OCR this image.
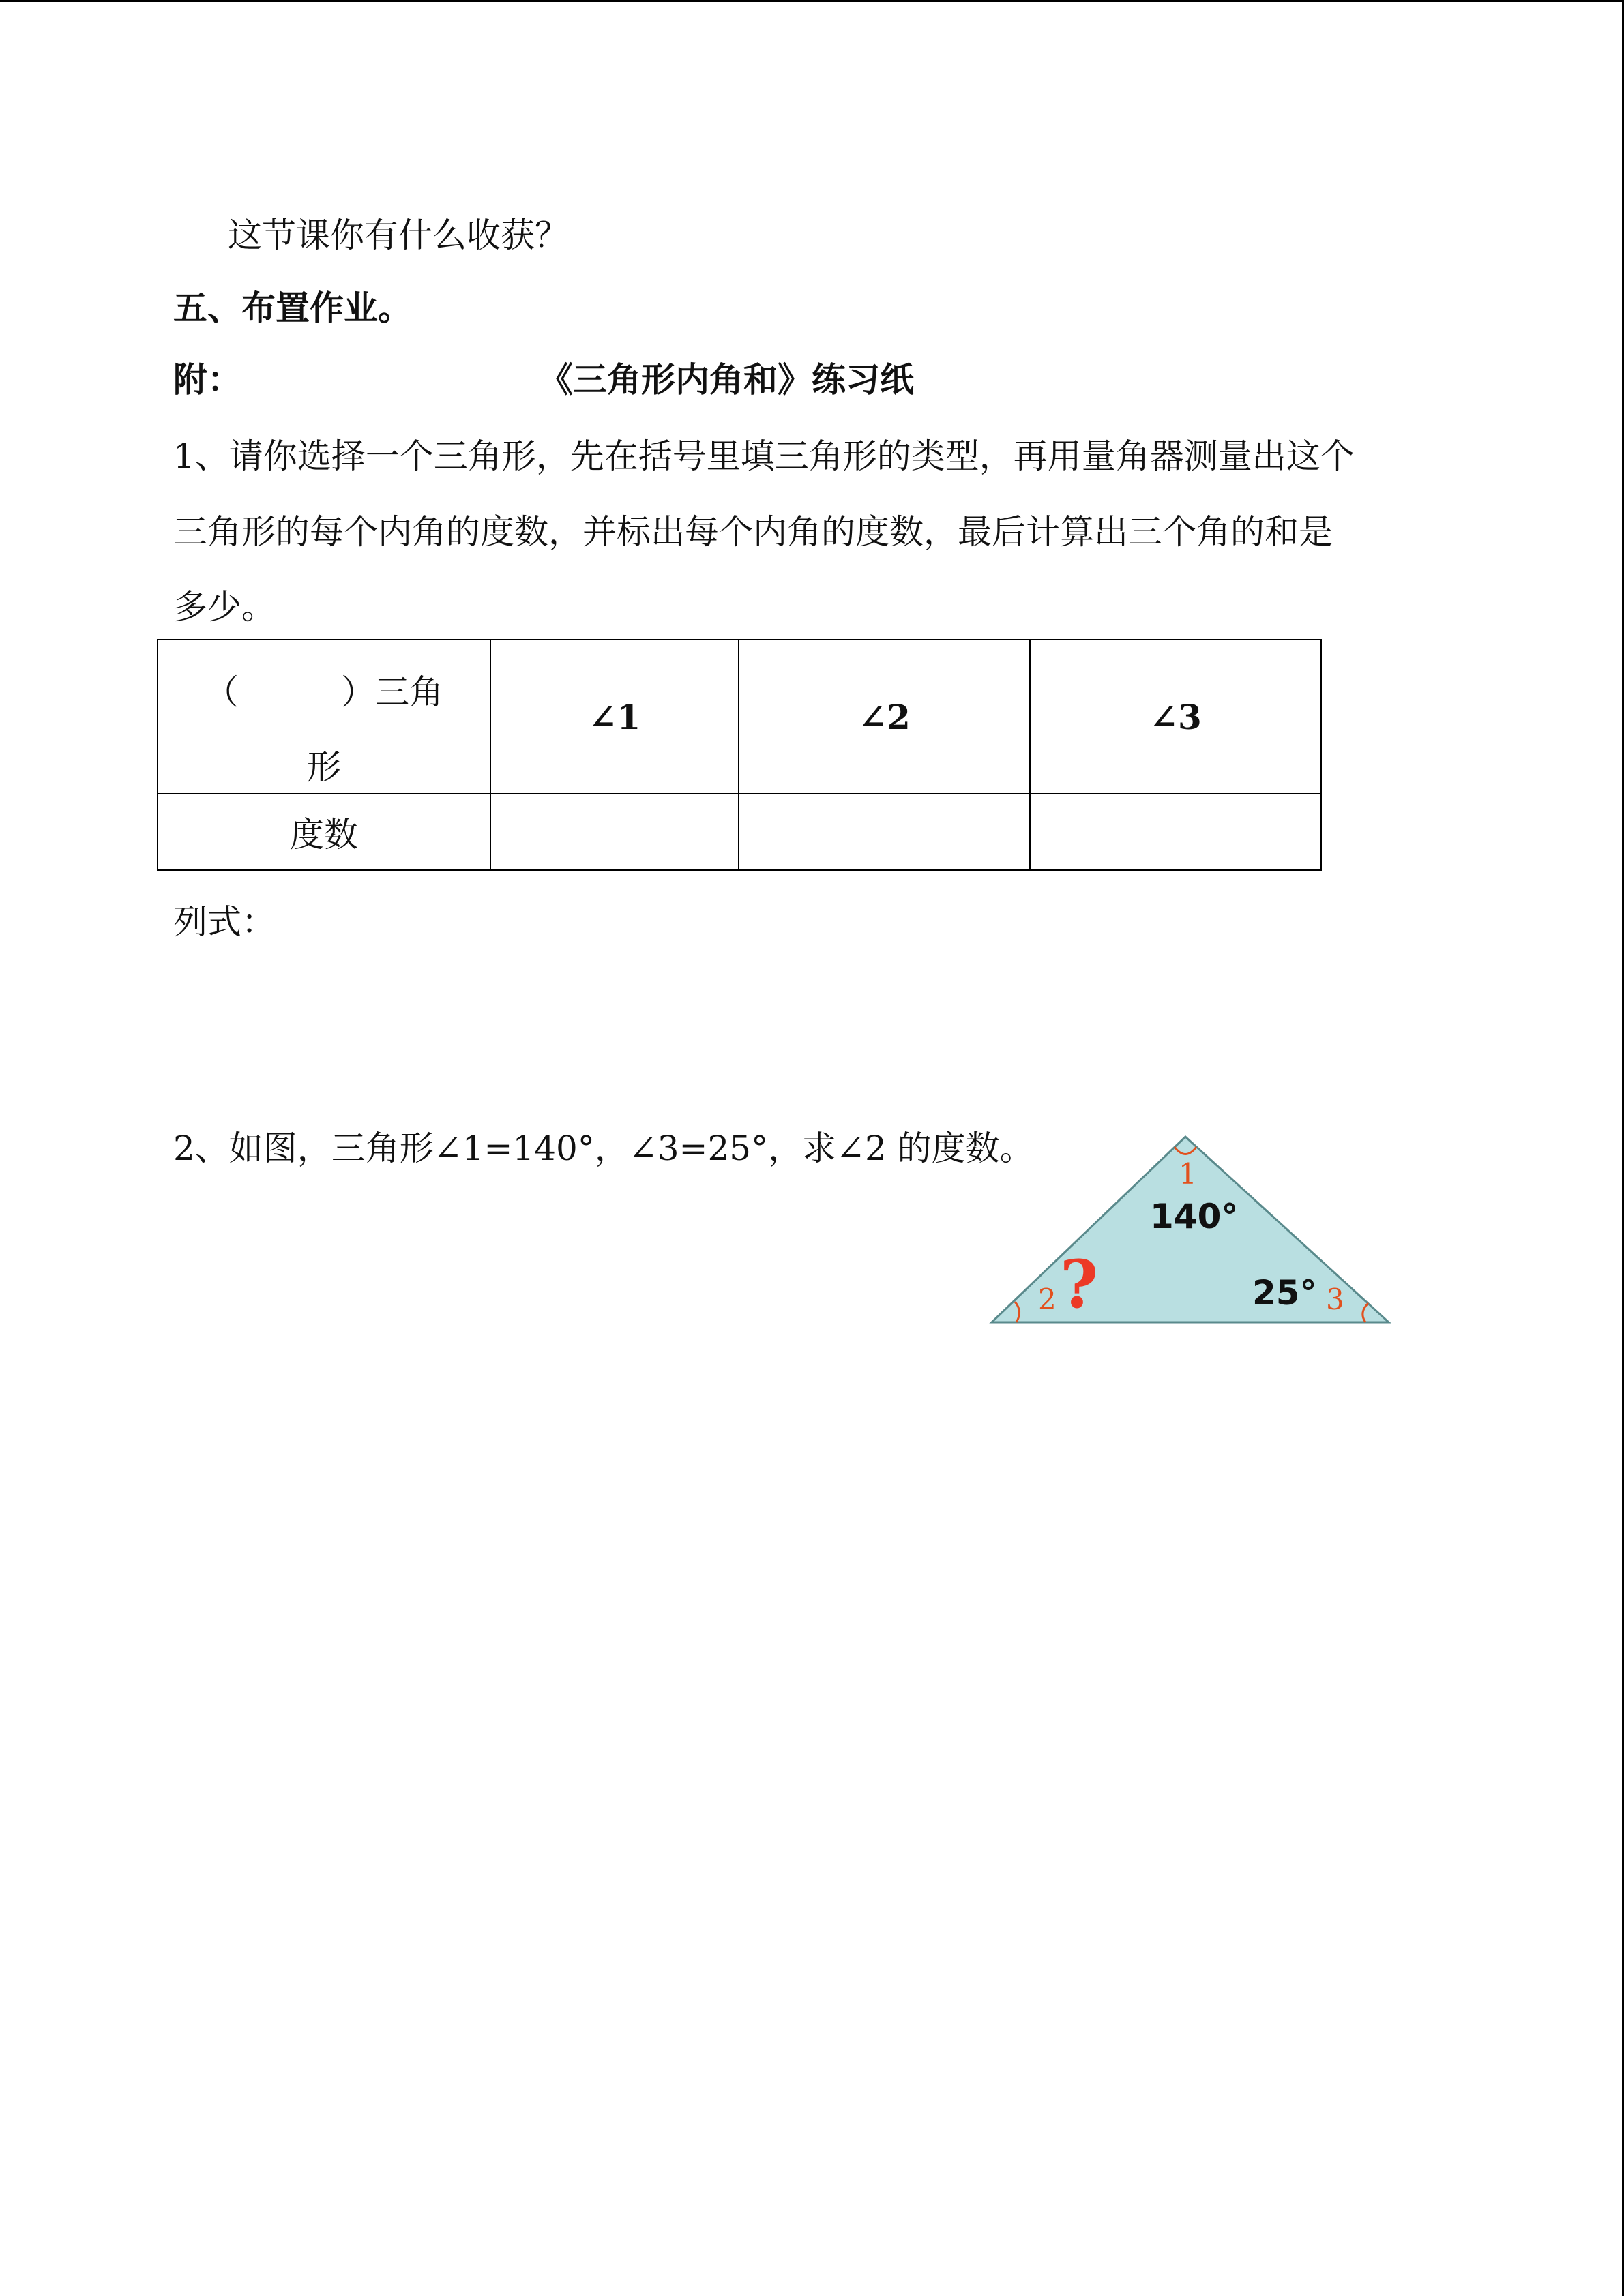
这节课你有什么收获？
五、布置作业。
附：	《三角形内角和》练习纸
1、请你选择一个三角形，先在括号里填三角形的类型，再用量角器测量出这个
三角形的每个内角的度数，并标出每个内角的度数，最后计算出三个角的和是
多少。
（ ）三角
形	∠1	∠2	∠3
度数			
列式：
2、如图，三角形∠1=140°，∠3=25°，求∠2 的度数。
1
140°
2 ?	25° 3
